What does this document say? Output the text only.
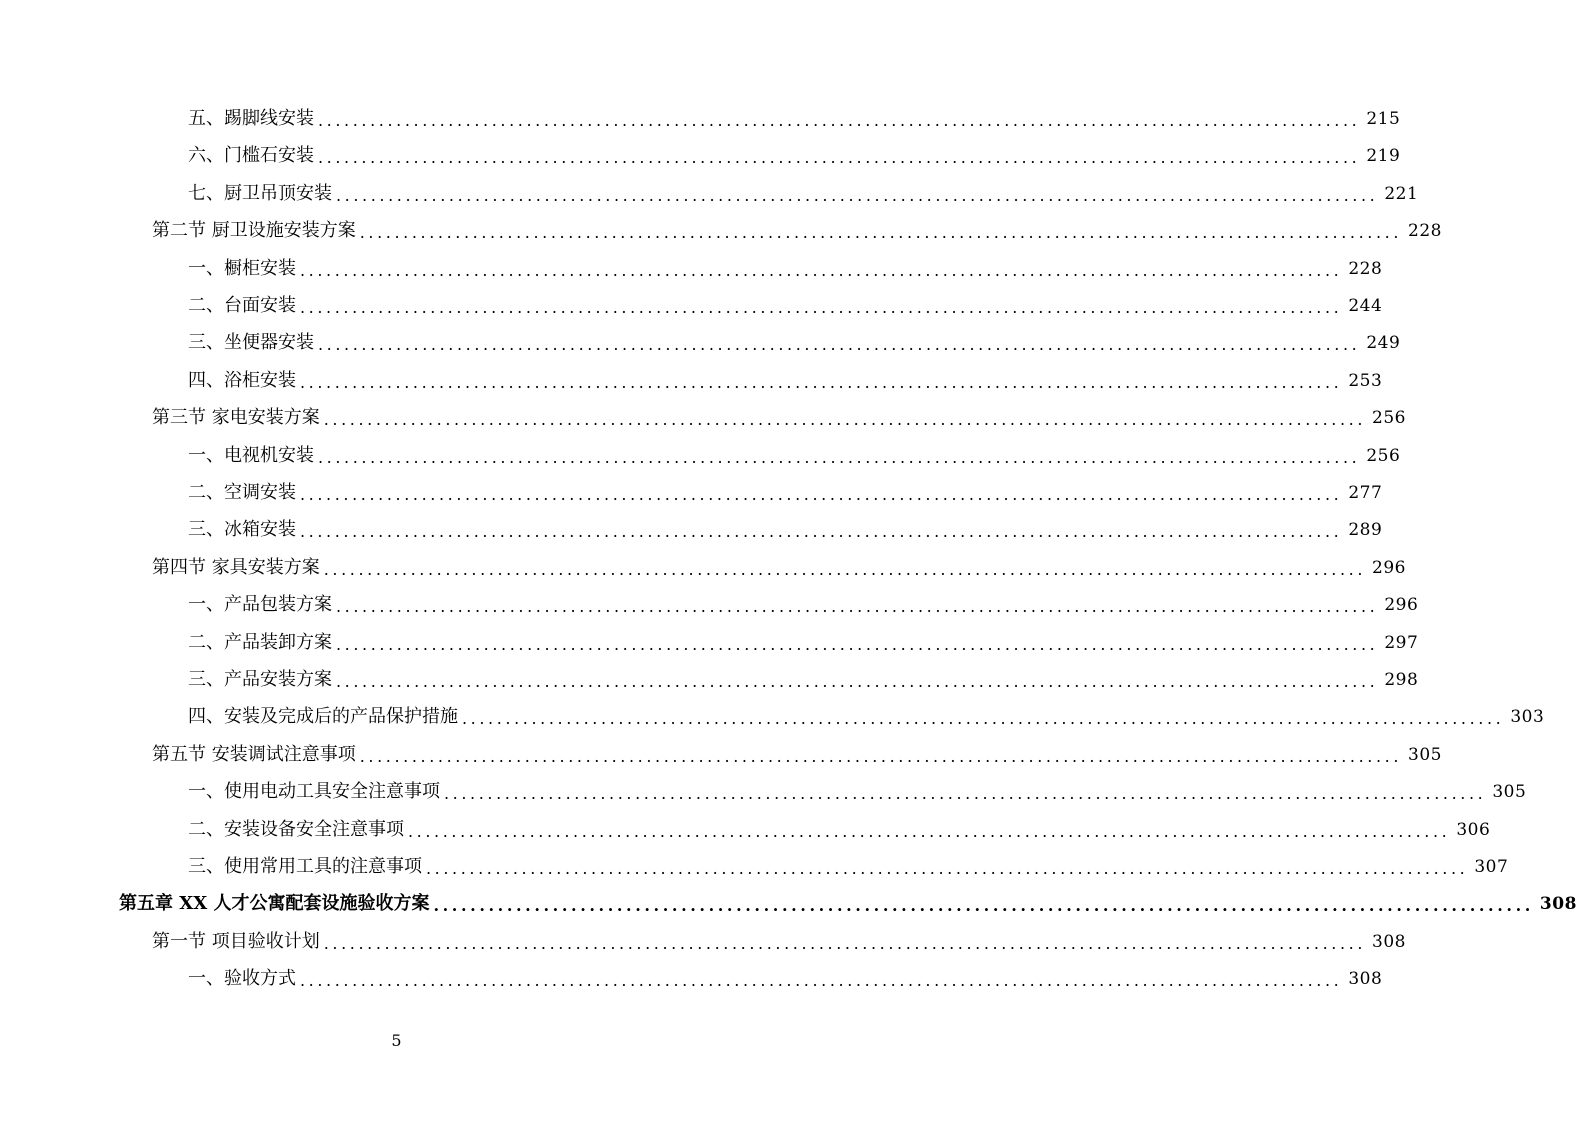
五、踢脚线安装 ........................................................................................................................ 215
六、门槛石安装 ........................................................................................................................ 219
七、厨卫吊顶安装 ........................................................................................................................ 221
第二节 厨卫设施安装方案 ........................................................................................................................ 228
一、橱柜安装 ........................................................................................................................ 228
二、台面安装 ........................................................................................................................ 244
三、坐便器安装 ........................................................................................................................ 249
四、浴柜安装 ........................................................................................................................ 253
第三节 家电安装方案 ........................................................................................................................ 256
一、电视机安装 ........................................................................................................................ 256
二、空调安装 ........................................................................................................................ 277
三、冰箱安装 ........................................................................................................................ 289
第四节 家具安装方案 ........................................................................................................................ 296
一、产品包装方案 ........................................................................................................................ 296
二、产品装卸方案 ........................................................................................................................ 297
三、产品安装方案 ........................................................................................................................ 298
四、安装及完成后的产品保护措施 ........................................................................................................................ 303
第五节 安装调试注意事项 ........................................................................................................................ 305
一、使用电动工具安全注意事项 ........................................................................................................................ 305
二、安装设备安全注意事项 ........................................................................................................................ 306
三、使用常用工具的注意事项 ........................................................................................................................ 307
第五章 XX 人才公寓配套设施验收方案 ........................................................................................................................ 308
第一节 项目验收计划 ........................................................................................................................ 308
一、验收方式 ........................................................................................................................ 308
5
